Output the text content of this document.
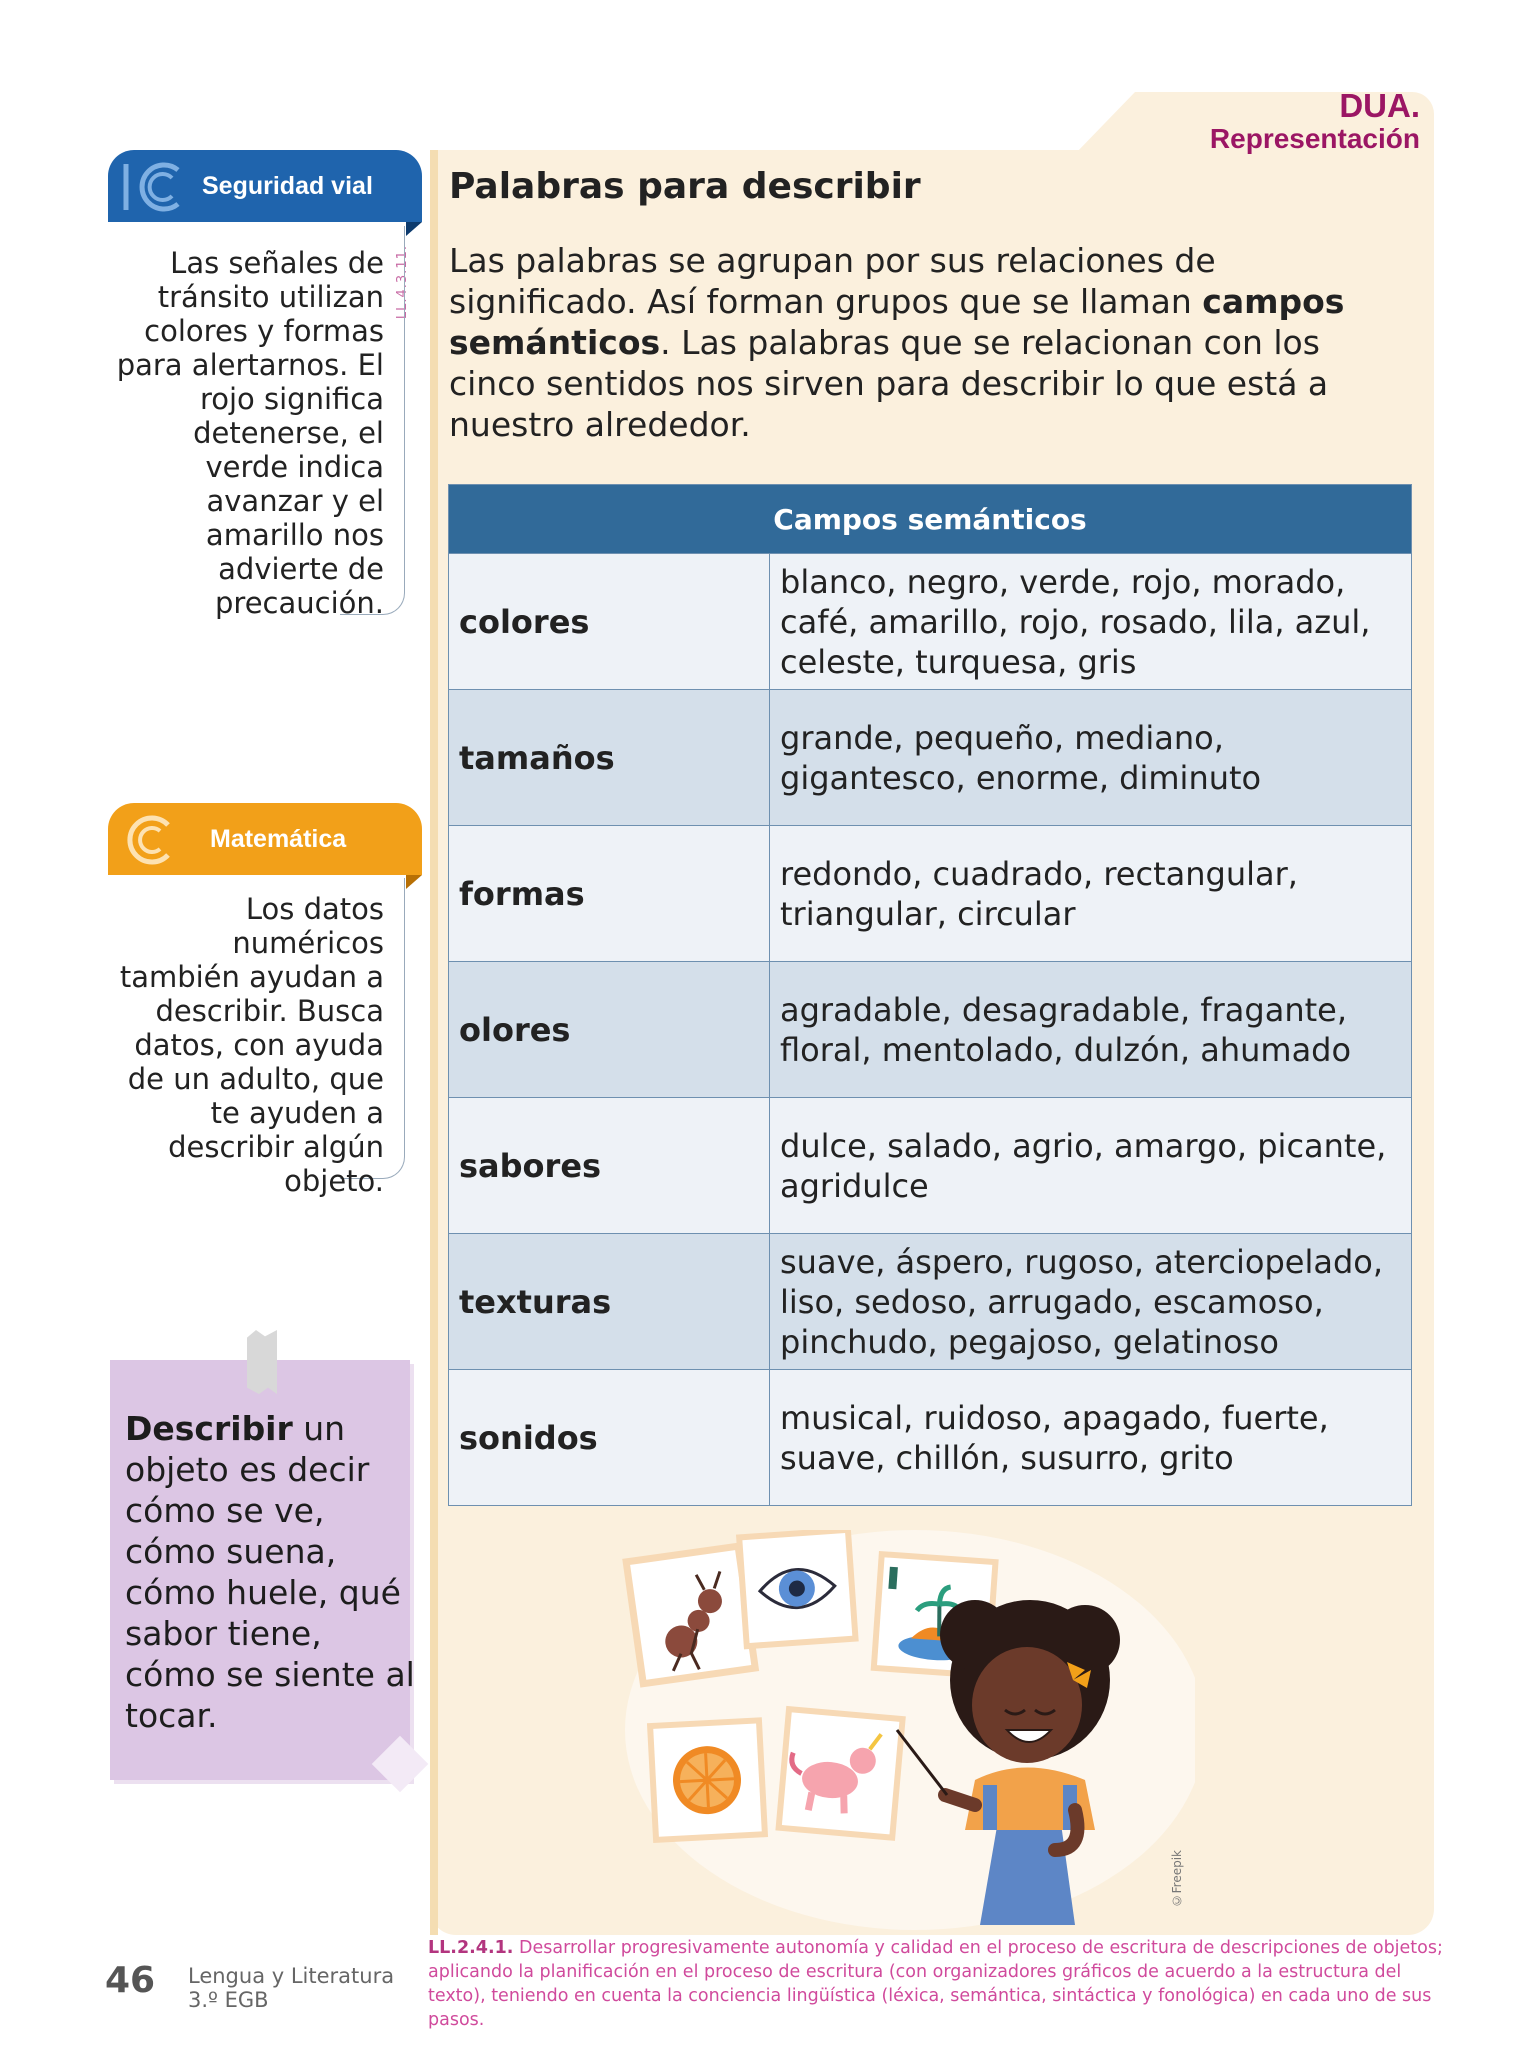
DUA.
Representación
Palabras para describir
Las palabras se agrupan por sus relaciones de significado. Así forman grupos que se llaman campos semánticos. Las palabras que se relacionan con los cinco sentidos nos sirven para describir lo que está a nuestro alrededor.
LL.4.3.11.
Campos semánticos	
colores	blanco, negro, verde, rojo, morado, café, amarillo, rojo, rosado, lila, azul, celeste, turquesa, gris
tamaños	grande, pequeño, mediano, gigantesco, enorme, diminuto
formas	redondo, cuadrado, rectangular, triangular, circular
olores	agradable, desagradable, fragante, floral, mentolado, dulzón, ahumado
sabores	dulce, salado, agrio, amargo, picante, agridulce
texturas	suave, áspero, rugoso, aterciopelado, liso, sedoso, arrugado, escamoso, pinchudo, pegajoso, gelatinoso
sonidos	musical, ruidoso, apagado, fuerte, suave, chillón, susurro, grito
Seguridad vial
Las señales de tránsito utilizan colores y formas para alertarnos. El rojo significa detenerse, el verde indica avanzar y el amarillo nos advierte de precaución.
Matemática
Los datos numéricos también ayudan a describir. Busca datos, con ayuda de un adulto, que te ayuden a describir algún objeto.
Describir un objeto es decir cómo se ve, cómo suena, cómo huele, qué sabor tiene, cómo se siente al tocar.
©Freepik
46 Lengua y Literatura
3.º EGB
LL.2.4.1. Desarrollar progresivamente autonomía y calidad en el proceso de escritura de descripciones de objetos; aplicando la planificación en el proceso de escritura (con organizadores gráficos de acuerdo a la estructura del texto), teniendo en cuenta la conciencia lingüística (léxica, semántica, sintáctica y fonológica) en cada uno de sus pasos.
